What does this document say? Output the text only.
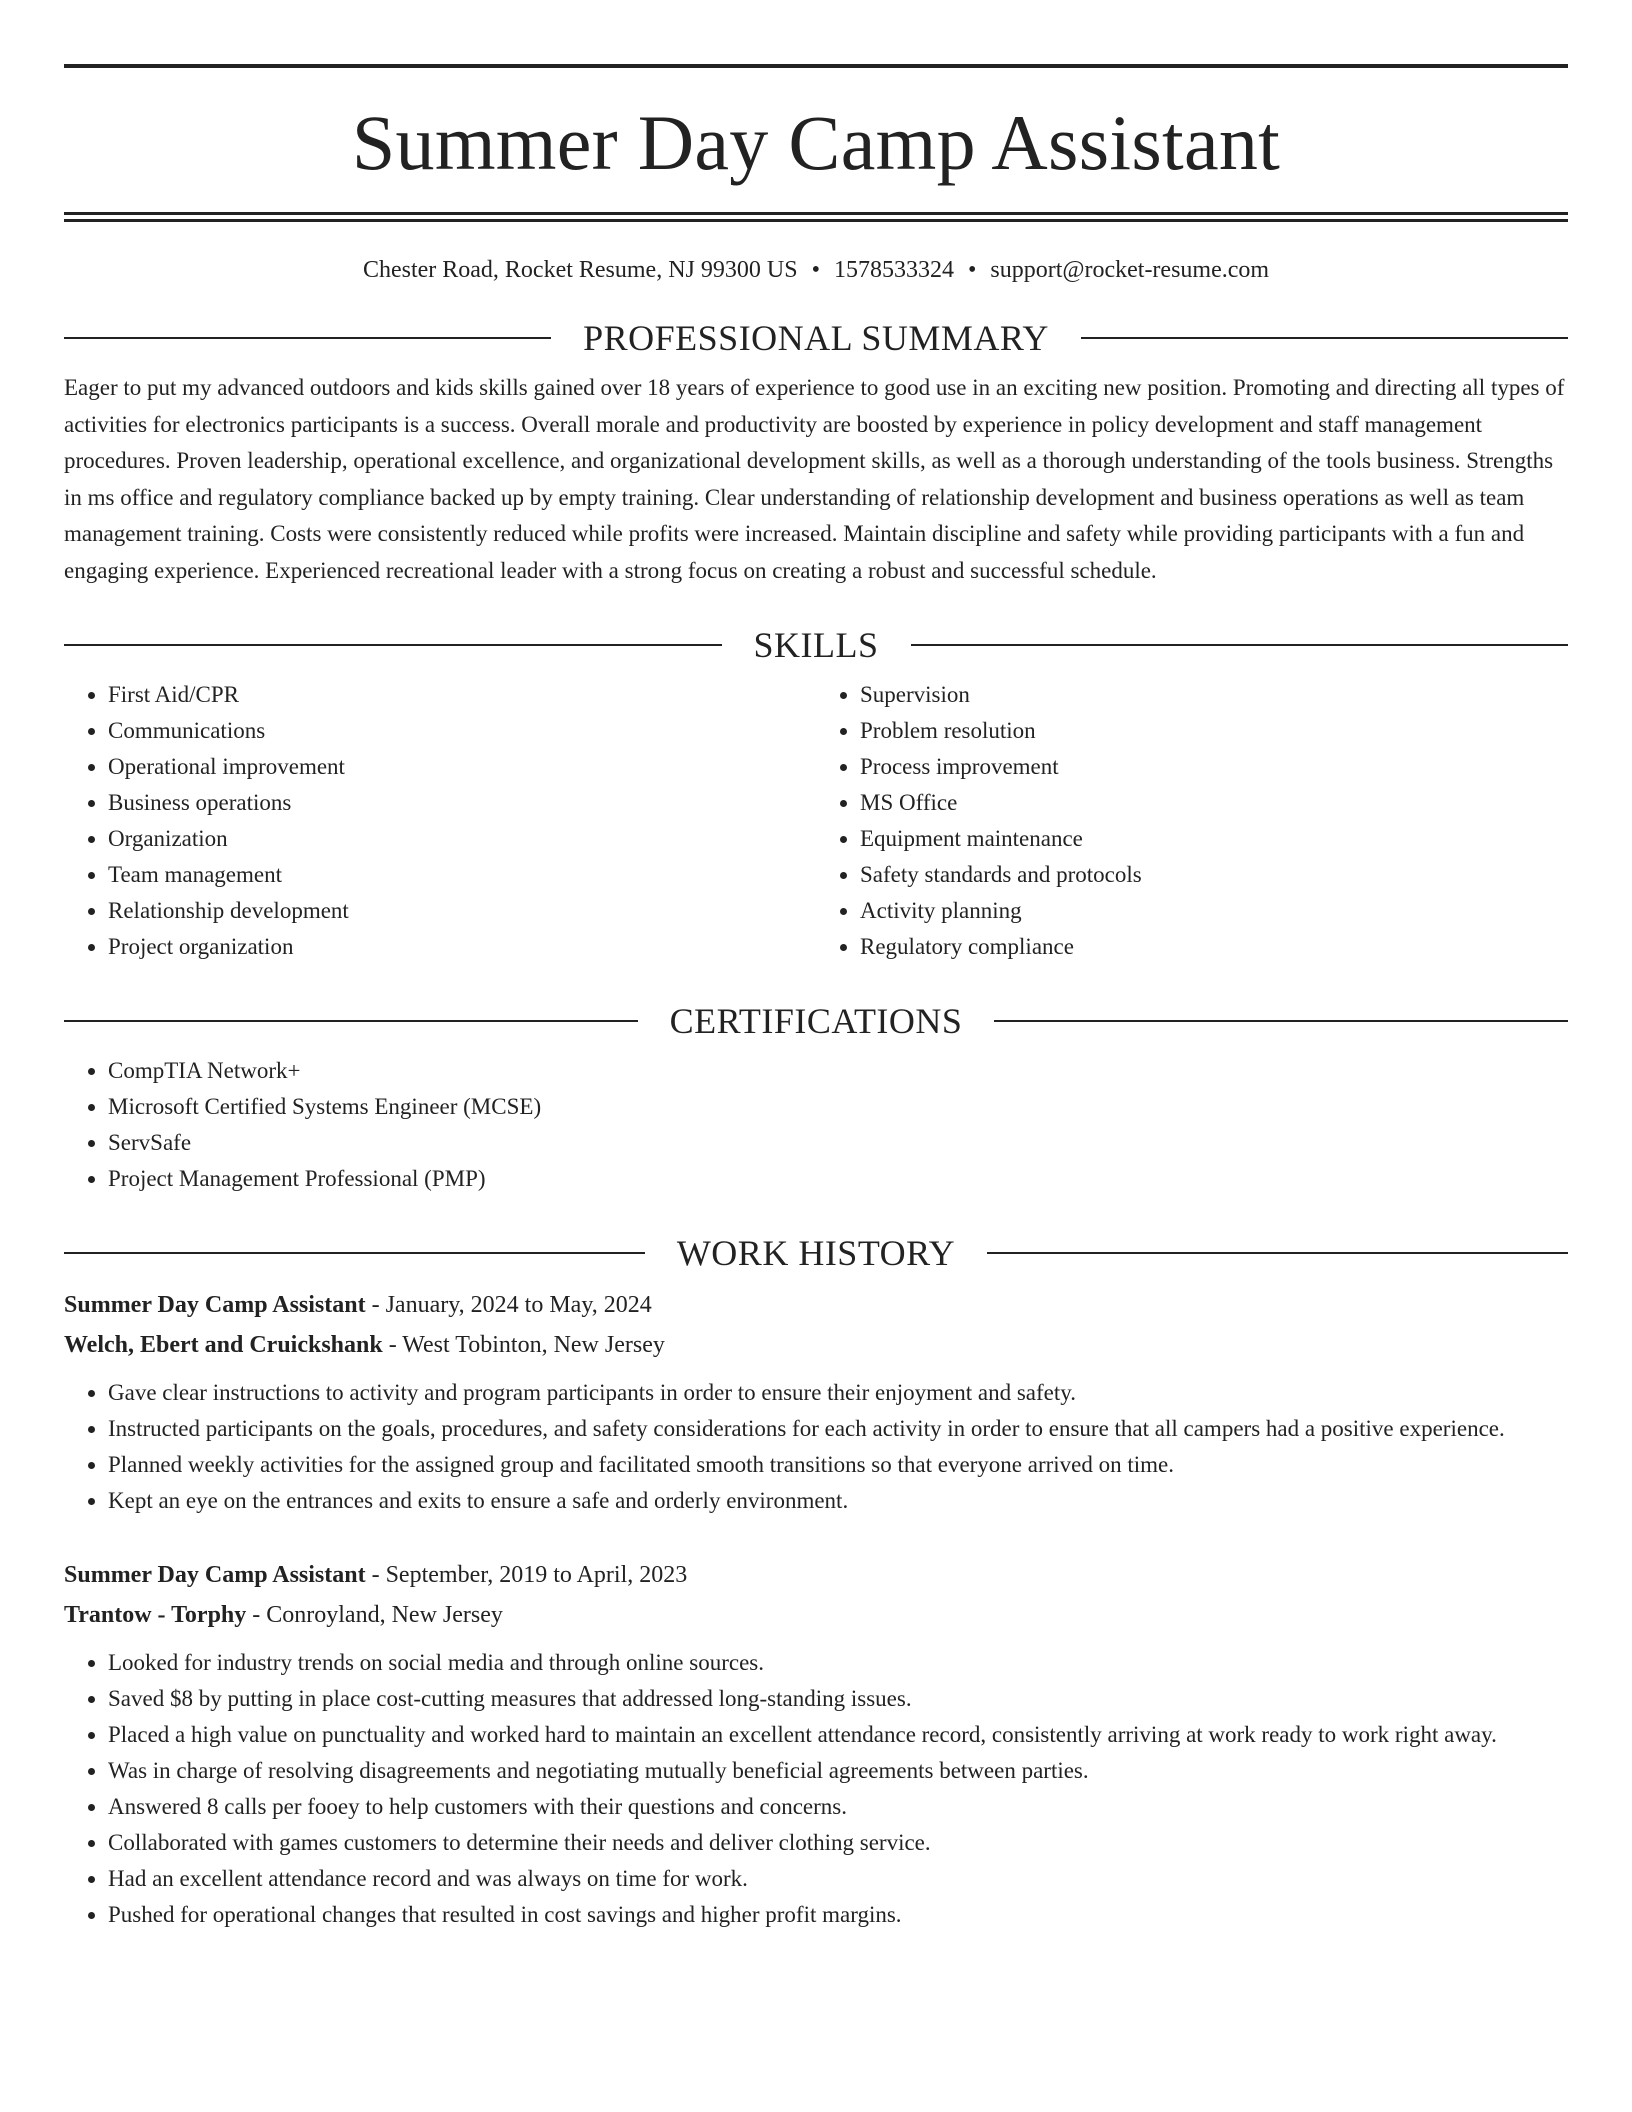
Summer Day Camp Assistant
Chester Road, Rocket Resume, NJ 99300 US • 1578533324 • support@rocket-resume.com
PROFESSIONAL SUMMARY

Eager to put my advanced outdoors and kids skills gained over 18 years of experience to good use in an exciting new position. Promoting and directing all types of activities for electronics participants is a success. Overall morale and productivity are boosted by experience in policy development and staff management procedures. Proven leadership, operational excellence, and organizational development skills, as well as a thorough understanding of the tools business. Strengths in ms office and regulatory compliance backed up by empty training. Clear understanding of relationship development and business operations as well as team management training. Costs were consistently reduced while profits were increased. Maintain discipline and safety while providing participants with a fun and engaging experience. Experienced recreational leader with a strong focus on creating a robust and successful schedule.

SKILLS
• First Aid/CPR
• Communications
• Operational improvement
• Business operations
• Organization
• Team management
• Relationship development
• Project organization
• Supervision
• Problem resolution
• Process improvement
• MS Office
• Equipment maintenance
• Safety standards and protocols
• Activity planning
• Regulatory compliance
CERTIFICATIONS
• CompTIA Network+
• Microsoft Certified Systems Engineer (MCSE)
• ServSafe
• Project Management Professional (PMP)
WORK HISTORY
Summer Day Camp Assistant - January, 2024 to May, 2024
Welch, Ebert and Cruickshank - West Tobinton, New Jersey
• Gave clear instructions to activity and program participants in order to ensure their enjoyment and safety.
• Instructed participants on the goals, procedures, and safety considerations for each activity in order to ensure that all campers had a positive experience.
• Planned weekly activities for the assigned group and facilitated smooth transitions so that everyone arrived on time.
• Kept an eye on the entrances and exits to ensure a safe and orderly environment.
Summer Day Camp Assistant - September, 2019 to April, 2023
Trantow - Torphy - Conroyland, New Jersey
• Looked for industry trends on social media and through online sources.
• Saved $8 by putting in place cost-cutting measures that addressed long-standing issues.
• Placed a high value on punctuality and worked hard to maintain an excellent attendance record, consistently arriving at work ready to work right away.
• Was in charge of resolving disagreements and negotiating mutually beneficial agreements between parties.
• Answered 8 calls per fooey to help customers with their questions and concerns.
• Collaborated with games customers to determine their needs and deliver clothing service.
• Had an excellent attendance record and was always on time for work.
• Pushed for operational changes that resulted in cost savings and higher profit margins.
